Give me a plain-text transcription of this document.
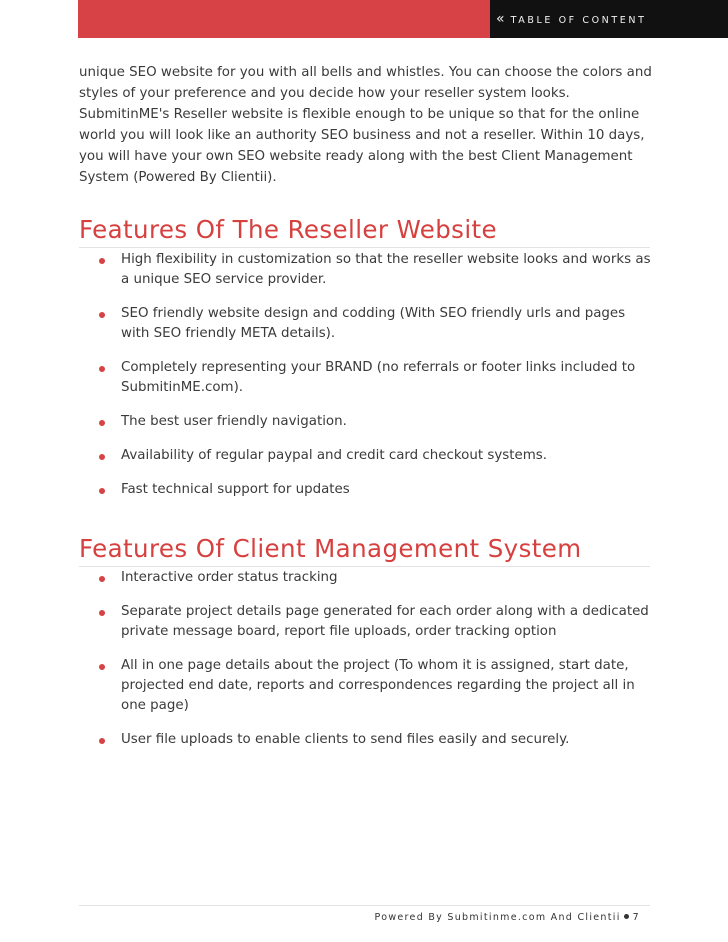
« TABLE OF CONTENT

unique SEO website for you with all bells and whistles. You can choose the colors and styles of your preference and you decide how your reseller system looks. SubmitinME's Reseller website is flexible enough to be unique so that for the online world you will look like an authority SEO business and not a reseller. Within 10 days, you will have your own SEO website ready along with the best Client Management System (Powered By Clientii).

Features Of The Reseller Website
High flexibility in customization so that the reseller website looks and works as a unique SEO service provider.
SEO friendly website design and codding (With SEO friendly urls and pages with SEO friendly META details).
Completely representing your BRAND (no referrals or footer links included to SubmitinME.com).
The best user friendly navigation.
Availability of regular paypal and credit card checkout systems.
Fast technical support for updates
Features Of Client Management System
Interactive order status tracking
Separate project details page generated for each order along with a dedicated private message board, report file uploads, order tracking option
All in one page details about the project (To whom it is assigned, start date, projected end date, reports and correspondences regarding the project all in one page)
User file uploads to enable clients to send files easily and securely.
Powered By Submitinme.com And Clientii 7
